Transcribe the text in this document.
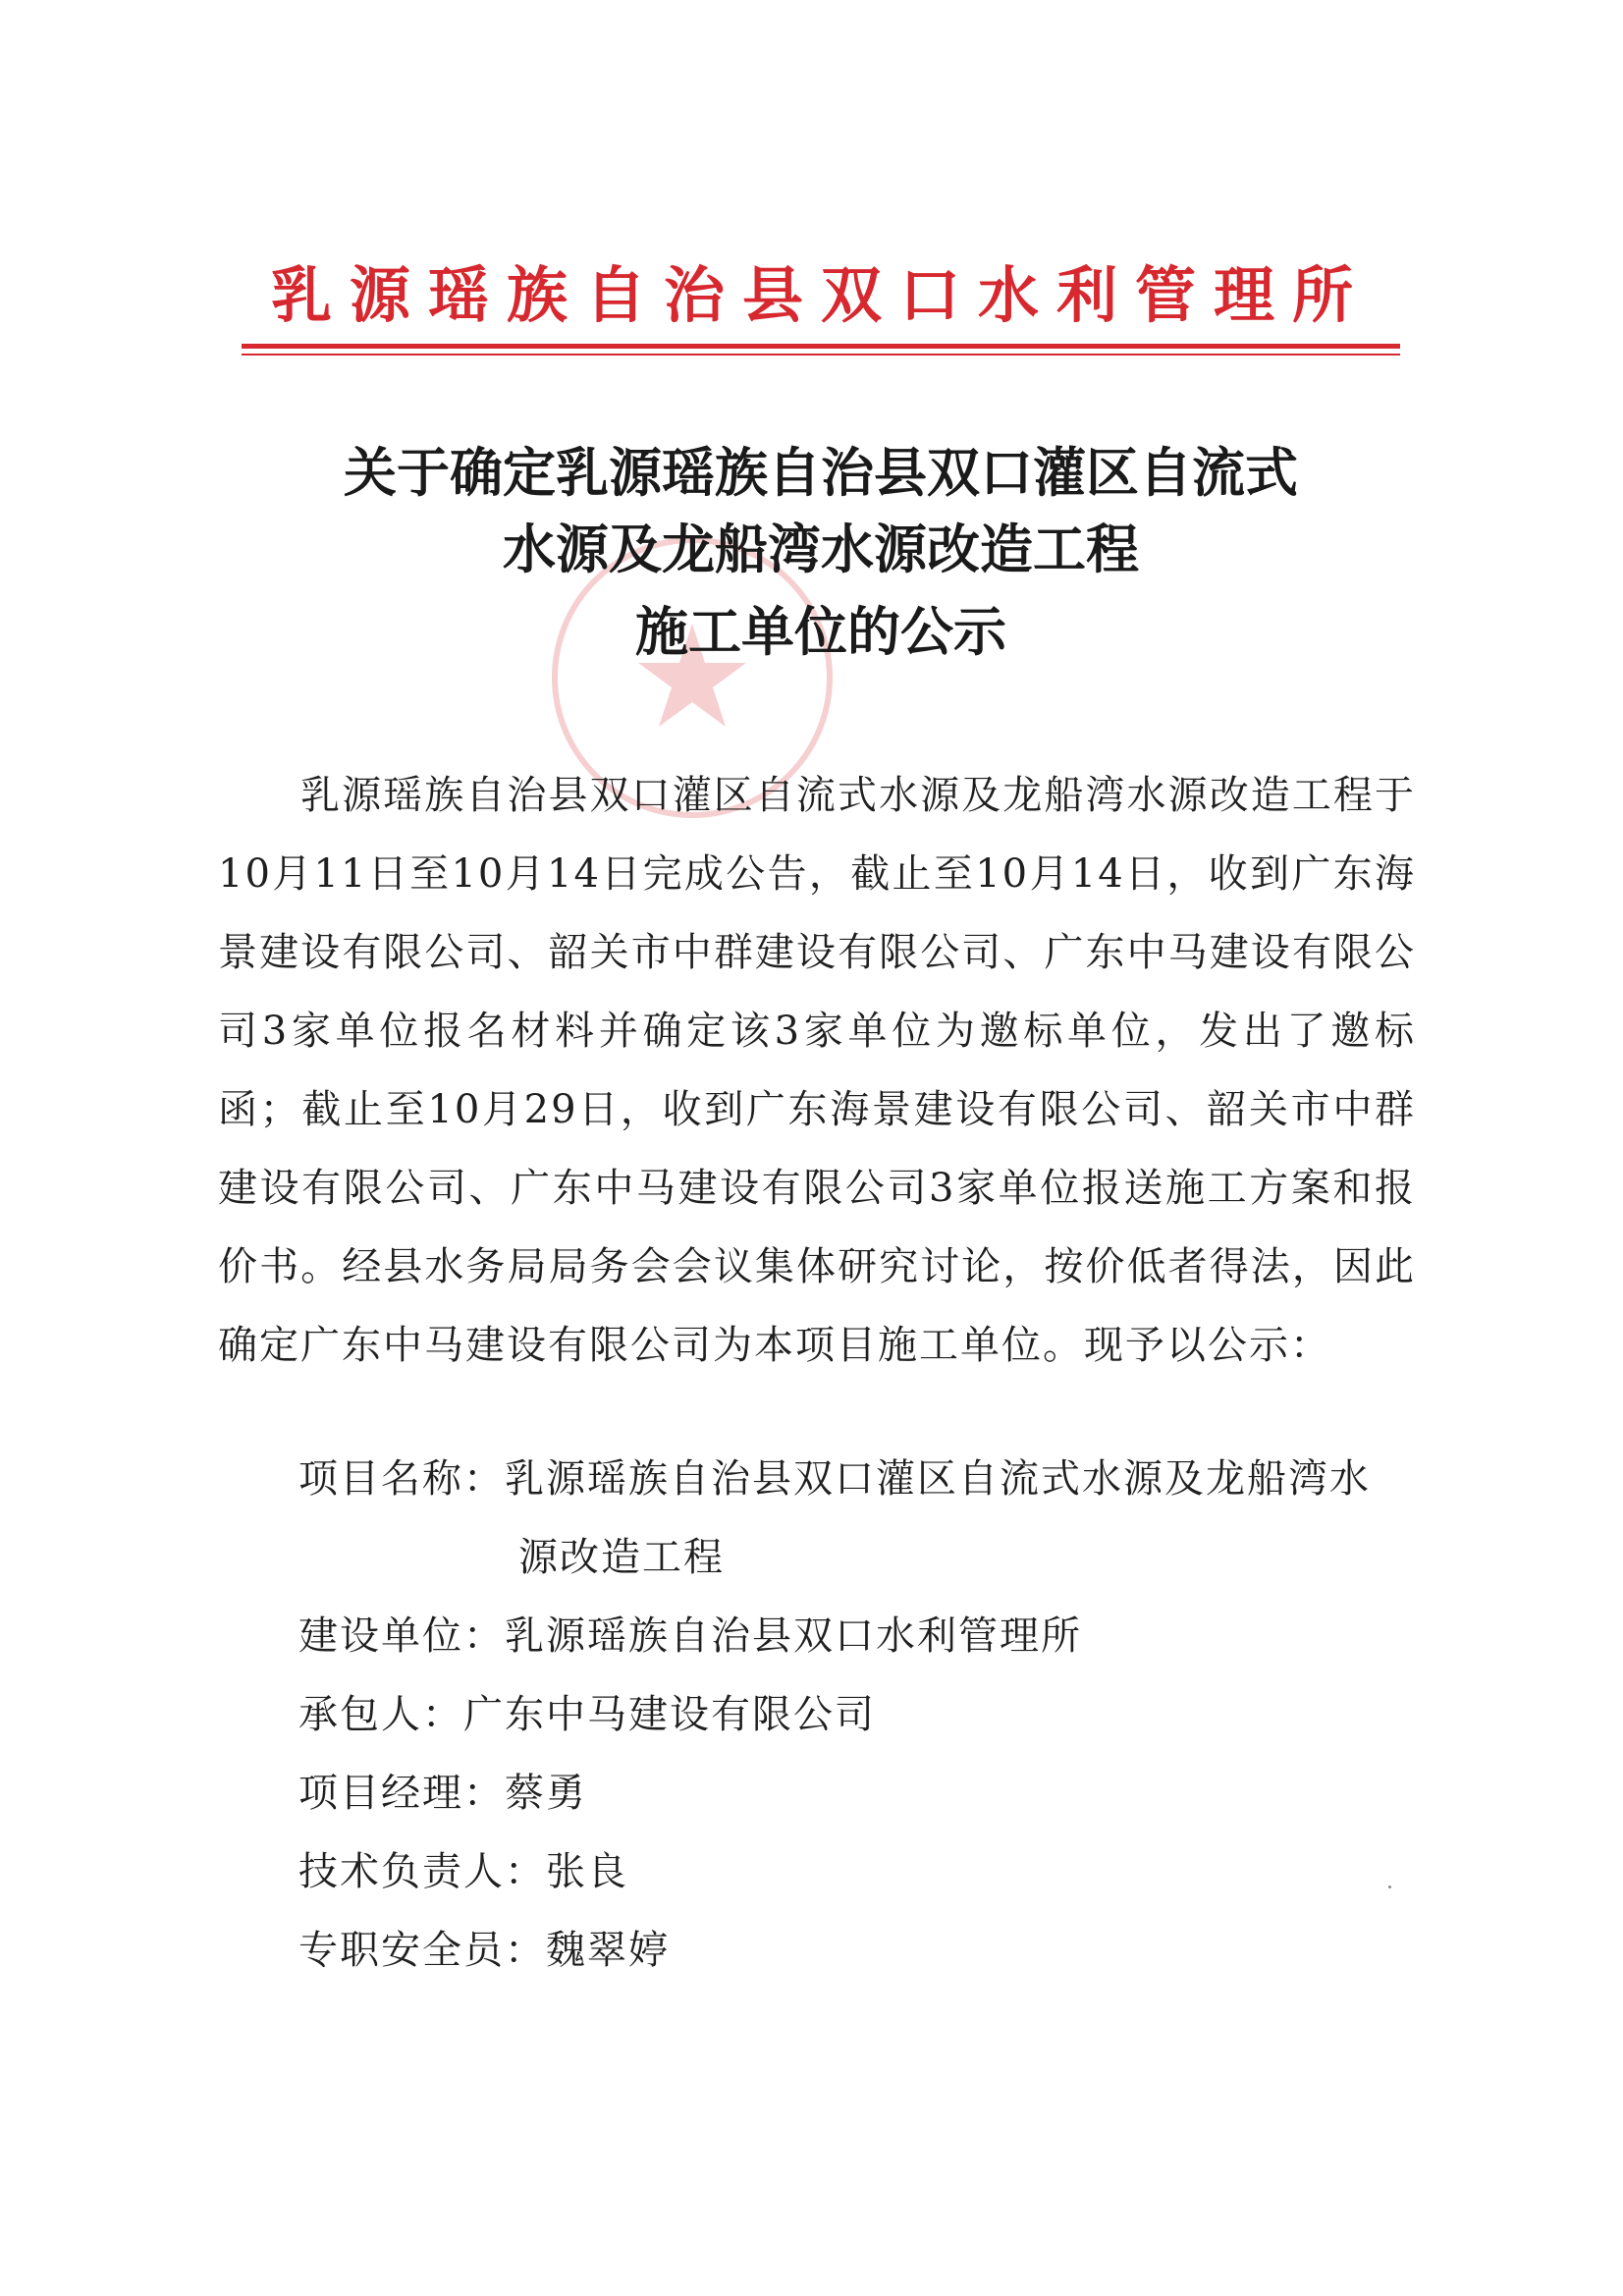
乳源瑶族自治县双口水利管理所
关于确定乳源瑶族自治县双口灌区自流式
水源及龙船湾水源改造工程
施工单位的公示
乳源瑶族自治县双口灌区自流式水源及龙船湾水源改造工程于10月11日至10月14日完成公告，截止至10月14日，收到广东海景建设有限公司、韶关市中群建设有限公司、广东中马建设有限公司3家单位报名材料并确定该3家单位为邀标单位，发出了邀标函；截止至10月29日，收到广东海景建设有限公司、韶关市中群建设有限公司、广东中马建设有限公司3家单位报送施工方案和报价书。经县水务局局务会会议集体研究讨论，按价低者得法，因此确定广东中马建设有限公司为本项目施工单位。现予以公示：
项目名称：乳源瑶族自治县双口灌区自流式水源及龙船湾水
源改造工程
建设单位：乳源瑶族自治县双口水利管理所
承包人：广东中马建设有限公司
项目经理：蔡勇
技术负责人：张良
专职安全员：魏翠婷
